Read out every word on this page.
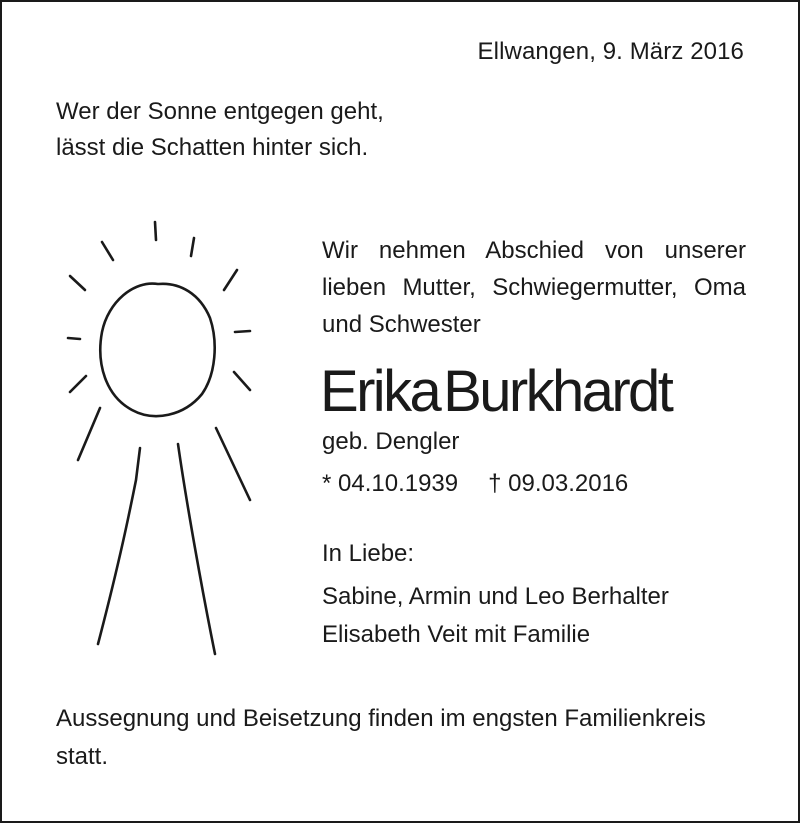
Ellwangen, 9. März 2016
Wer der Sonne entgegen geht,
lässt die Schatten hinter sich.
Wir nehmen Abschied von unserer
lieben Mutter, Schwiegermutter, Oma
und Schwester
ErikaBurkhardt
geb. Dengler
* 04.10.1939 † 09.03.2016
In Liebe:
Sabine, Armin und Leo Berhalter
Elisabeth Veit mit Familie
Aussegnung und Beisetzung finden im engsten Familienkreis statt.
